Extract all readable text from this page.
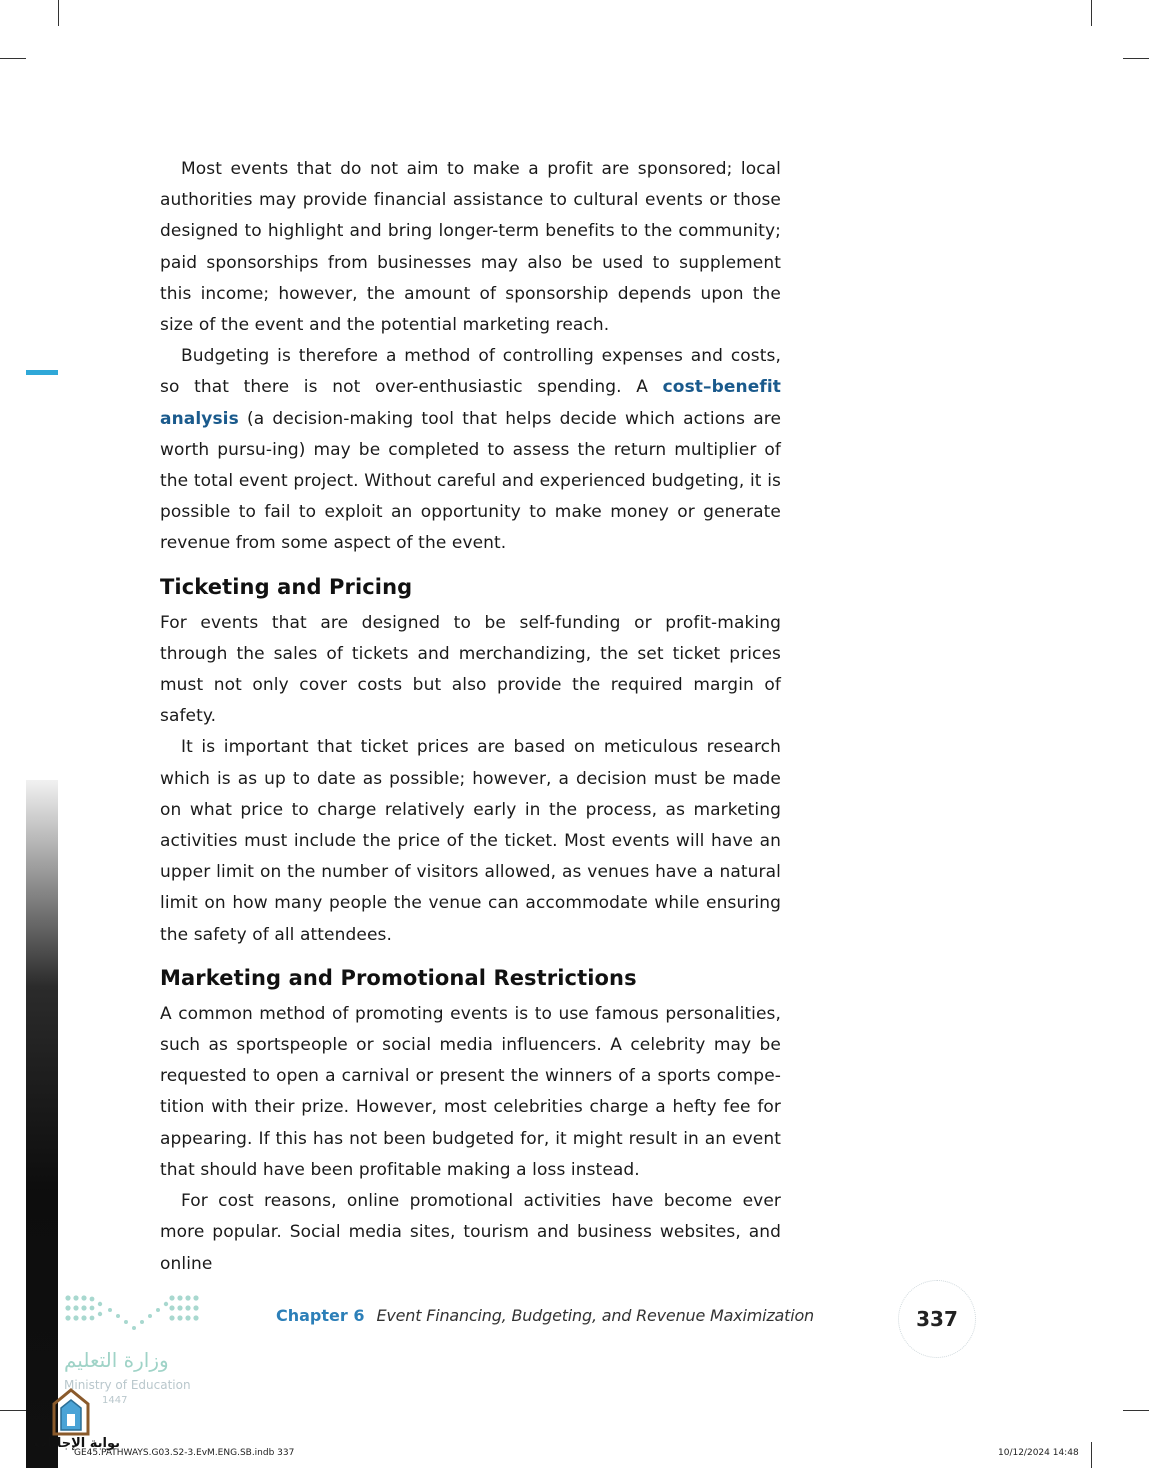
Most events that do not aim to make a profit are sponsored; local authorities may provide financial assistance to cultural events or those designed to highlight and bring longer-term benefits to the community; paid sponsorships from businesses may also be used to supplement this income; however, the amount of sponsorship depends upon the size of the event and the potential marketing reach.

Budgeting is therefore a method of controlling expenses and costs, so that there is not over-enthusiastic spending. A cost–benefit analysis (a decision-making tool that helps decide which actions are worth pursu-ing) may be completed to assess the return multiplier of the total event project. Without careful and experienced budgeting, it is possible to fail to exploit an opportunity to make money or generate revenue from some aspect of the event.

Ticketing and Pricing

For events that are designed to be self-funding or profit-making through the sales of tickets and merchandizing, the set ticket prices must not only cover costs but also provide the required margin of safety.

It is important that ticket prices are based on meticulous research which is as up to date as possible; however, a decision must be made on what price to charge relatively early in the process, as marketing activities must include the price of the ticket. Most events will have an upper limit on the number of visitors allowed, as venues have a natural limit on how many people the venue can accommodate while ensuring the safety of all attendees.

Marketing and Promotional Restrictions

A common method of promoting events is to use famous personalities, such as sportspeople or social media influencers. A celebrity may be requested to open a carnival or present the winners of a sports compe-tition with their prize. However, most celebrities charge a hefty fee for appearing. If this has not been budgeted for, it might result in an event that should have been profitable making a loss instead.

For cost reasons, online promotional activities have become ever more popular. Social media sites, tourism and business websites, and online

وزارة التعليم
Ministry of Education
1447
بوابة الإجابات
Chapter 6 Event Financing, Budgeting, and Revenue Maximization	337
GE45.PATHWAYS.G03.S2-3.EvM.ENG.SB.indb 337	10/12/2024 14:48
